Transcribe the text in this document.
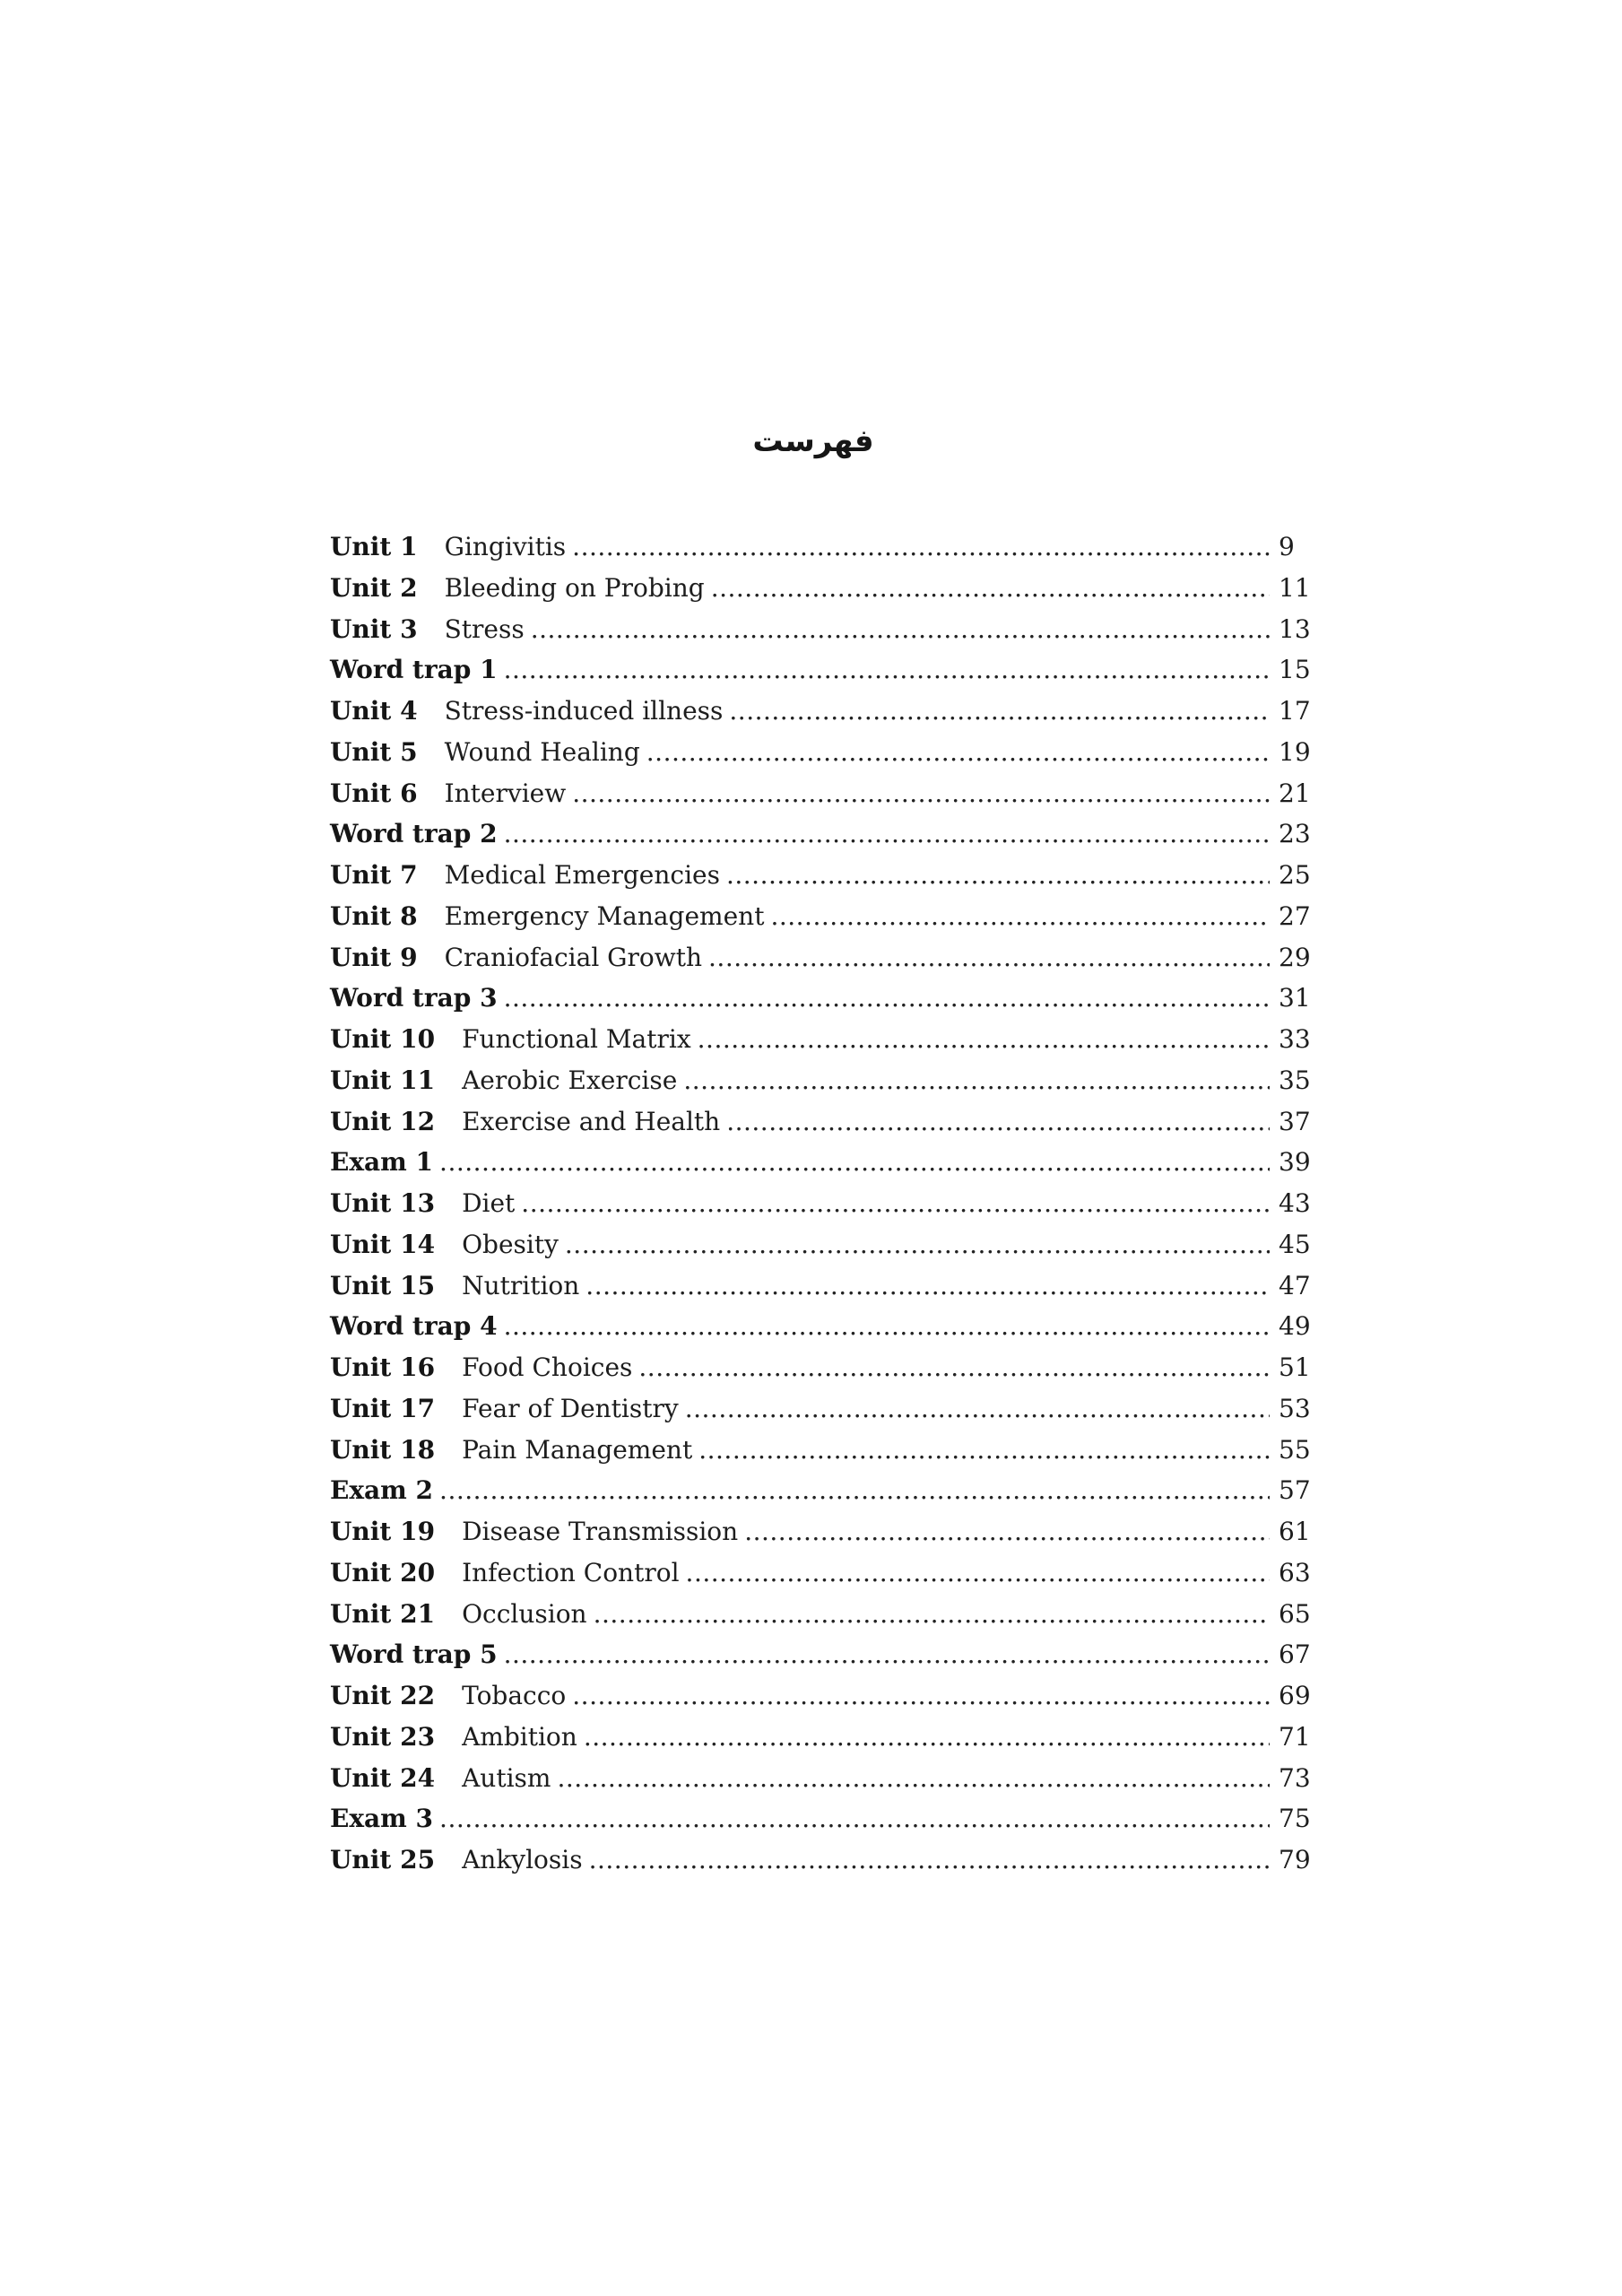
فهرست
Unit 1 Gingivitis .....	9
Unit 2 Bleeding on Probing .....	11
Unit 3 Stress .....	13
Word trap 1 .....	15
Unit 4 Stress-induced illness .....	17
Unit 5 Wound Healing .....	19
Unit 6 Interview .....	21
Word trap 2 .....	23
Unit 7 Medical Emergencies .....	25
Unit 8 Emergency Management .....	27
Unit 9 Craniofacial Growth .....	29
Word trap 3 .....	31
Unit 10 Functional Matrix .....	33
Unit 11 Aerobic Exercise .....	35
Unit 12 Exercise and Health .....	37
Exam 1 .....	39
Unit 13 Diet .....	43
Unit 14 Obesity .....	45
Unit 15 Nutrition .....	47
Word trap 4 .....	49
Unit 16 Food Choices .....	51
Unit 17 Fear of Dentistry .....	53
Unit 18 Pain Management .....	55
Exam 2 .....	57
Unit 19 Disease Transmission .....	61
Unit 20 Infection Control .....	63
Unit 21 Occlusion .....	65
Word trap 5 .....	67
Unit 22 Tobacco .....	69
Unit 23 Ambition .....	71
Unit 24 Autism .....	73
Exam 3 .....	75
Unit 25 Ankylosis .....	79
